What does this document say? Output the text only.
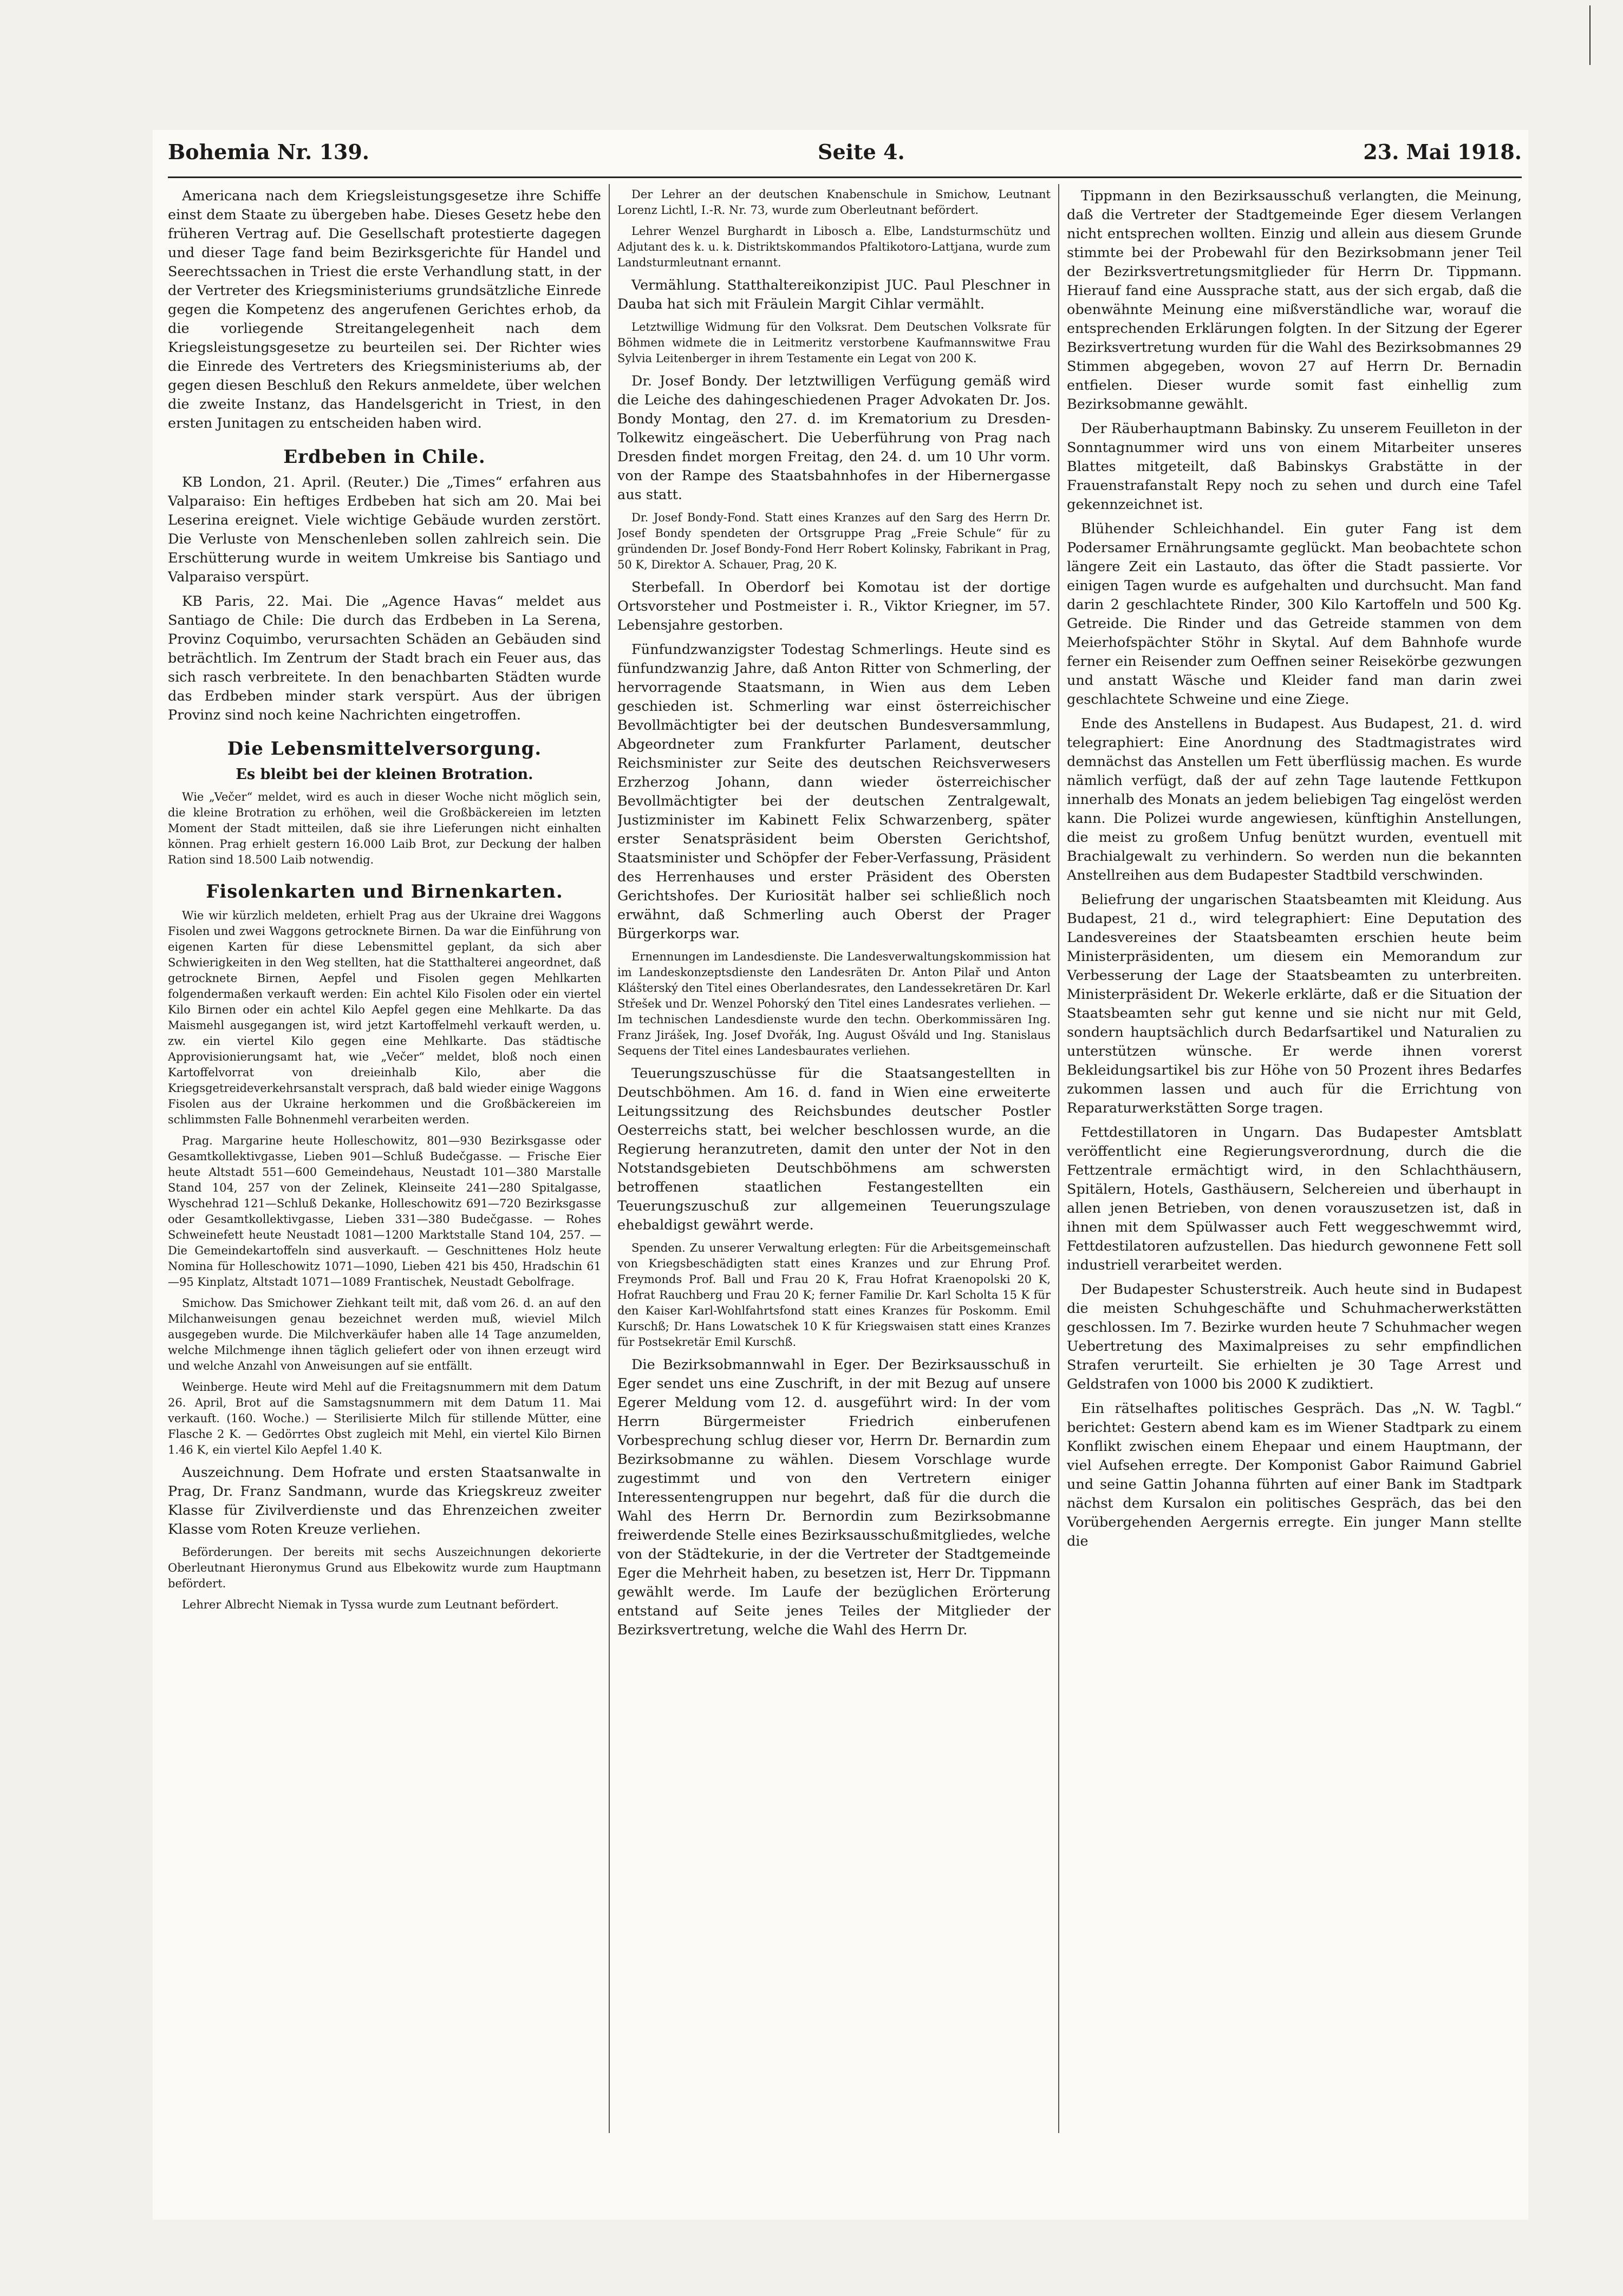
Bohemia Nr. 139.	Seite 4.	23. Mai 1918.

Americana nach dem Kriegsleistungsgesetze ihre Schiffe einst dem Staate zu übergeben habe. Dieses Gesetz hebe den früheren Vertrag auf. Die Gesellschaft protestierte dagegen und dieser Tage fand beim Bezirksgerichte für Handel und Seerechtssachen in Triest die erste Verhandlung statt, in der der Vertreter des Kriegsministeriums grundsätzliche Einrede gegen die Kompetenz des angerufenen Gerichtes erhob, da die vorliegende Streitangelegenheit nach dem Kriegsleistungsgesetze zu beurteilen sei. Der Richter wies die Einrede des Vertreters des Kriegsministeriums ab, der gegen diesen Beschluß den Rekurs anmeldete, über welchen die zweite Instanz, das Handelsgericht in Triest, in den ersten Junitagen zu entscheiden haben wird.

Erdbeben in Chile.

KB London, 21. April. (Reuter.) Die „Times“ erfahren aus Valparaiso: Ein heftiges Erdbeben hat sich am 20. Mai bei Leserina ereignet. Viele wichtige Gebäude wurden zerstört. Die Verluste von Menschenleben sollen zahlreich sein. Die Erschütterung wurde in weitem Umkreise bis Santiago und Valparaiso verspürt.

KB Paris, 22. Mai. Die „Agence Havas“ meldet aus Santiago de Chile: Die durch das Erdbeben in La Serena, Provinz Coquimbo, verursachten Schäden an Gebäuden sind beträchtlich. Im Zentrum der Stadt brach ein Feuer aus, das sich rasch verbreitete. In den benachbarten Städten wurde das Erdbeben minder stark verspürt. Aus der übrigen Provinz sind noch keine Nachrichten eingetroffen.

Die Lebensmittelversorgung.
Es bleibt bei der kleinen Brotration.

Wie „Večer“ meldet, wird es auch in dieser Woche nicht möglich sein, die kleine Brotration zu erhöhen, weil die Großbäckereien im letzten Moment der Stadt mitteilen, daß sie ihre Lieferungen nicht einhalten können. Prag erhielt gestern 16.000 Laib Brot, zur Deckung der halben Ration sind 18.500 Laib notwendig.

Fisolenkarten und Birnenkarten.

Wie wir kürzlich meldeten, erhielt Prag aus der Ukraine drei Waggons Fisolen und zwei Waggons getrocknete Birnen. Da war die Einführung von eigenen Karten für diese Lebensmittel geplant, da sich aber Schwierigkeiten in den Weg stellten, hat die Statthalterei angeordnet, daß getrocknete Birnen, Aepfel und Fisolen gegen Mehlkarten folgendermaßen verkauft werden: Ein achtel Kilo Fisolen oder ein viertel Kilo Birnen oder ein achtel Kilo Aepfel gegen eine Mehlkarte. Da das Maismehl ausgegangen ist, wird jetzt Kartoffelmehl verkauft werden, u. zw. ein viertel Kilo gegen eine Mehlkarte. Das städtische Approvisionierungsamt hat, wie „Večer“ meldet, bloß noch einen Kartoffelvorrat von dreieinhalb Kilo, aber die Kriegsgetreideverkehrsanstalt versprach, daß bald wieder einige Waggons Fisolen aus der Ukraine herkommen und die Großbäckereien im schlimmsten Falle Bohnenmehl verarbeiten werden.

Prag. Margarine heute Holleschowitz, 801—930 Bezirksgasse oder Gesamtkollektivgasse, Lieben 901—Schluß Budečgasse. — Frische Eier heute Altstadt 551—600 Gemeindehaus, Neustadt 101—380 Marstalle Stand 104, 257 von der Zelinek, Kleinseite 241—280 Spitalgasse, Wyschehrad 121—Schluß Dekanke, Holleschowitz 691—720 Bezirksgasse oder Gesamtkollektivgasse, Lieben 331—380 Budečgasse. — Rohes Schweinefett heute Neustadt 1081—1200 Marktstalle Stand 104, 257. — Die Gemeindekartoffeln sind ausverkauft. — Geschnittenes Holz heute Nomina für Holleschowitz 1071—1090, Lieben 421 bis 450, Hradschin 61—95 Kinplatz, Altstadt 1071—1089 Frantischek, Neustadt Gebolfrage.

Smichow. Das Smichower Ziehkant teilt mit, daß vom 26. d. an auf den Milchanweisungen genau bezeichnet werden muß, wieviel Milch ausgegeben wurde. Die Milchverkäufer haben alle 14 Tage anzumelden, welche Milchmenge ihnen täglich geliefert oder von ihnen erzeugt wird und welche Anzahl von Anweisungen auf sie entfällt.

Weinberge. Heute wird Mehl auf die Freitagsnummern mit dem Datum 26. April, Brot auf die Samstagsnummern mit dem Datum 11. Mai verkauft. (160. Woche.) — Sterilisierte Milch für stillende Mütter, eine Flasche 2 K. — Gedörrtes Obst zugleich mit Mehl, ein viertel Kilo Birnen 1.46 K, ein viertel Kilo Aepfel 1.40 K.

Auszeichnung. Dem Hofrate und ersten Staatsanwalte in Prag, Dr. Franz Sandmann, wurde das Kriegskreuz zweiter Klasse für Zivilverdienste und das Ehrenzeichen zweiter Klasse vom Roten Kreuze verliehen.

Beförderungen. Der bereits mit sechs Auszeichnungen dekorierte Oberleutnant Hieronymus Grund aus Elbekowitz wurde zum Hauptmann befördert.

Lehrer Albrecht Niemak in Tyssa wurde zum Leutnant befördert.

Der Lehrer an der deutschen Knabenschule in Smichow, Leutnant Lorenz Lichtl, I.-R. Nr. 73, wurde zum Oberleutnant befördert.

Lehrer Wenzel Burghardt in Libosch a. Elbe, Landsturmschütz und Adjutant des k. u. k. Distriktskommandos Pfaltikotoro-Lattjana, wurde zum Landsturmleutnant ernannt.

Vermählung. Statthaltereikonzipist JUC. Paul Pleschner in Dauba hat sich mit Fräulein Margit Cihlar vermählt.

Letztwillige Widmung für den Volksrat. Dem Deutschen Volksrate für Böhmen widmete die in Leitmeritz verstorbene Kaufmannswitwe Frau Sylvia Leitenberger in ihrem Testamente ein Legat von 200 K.

Dr. Josef Bondy. Der letztwilligen Verfügung gemäß wird die Leiche des dahingeschiedenen Prager Advokaten Dr. Jos. Bondy Montag, den 27. d. im Krematorium zu Dresden-Tolkewitz eingeäschert. Die Ueberführung von Prag nach Dresden findet morgen Freitag, den 24. d. um 10 Uhr vorm. von der Rampe des Staatsbahnhofes in der Hibernergasse aus statt.

Dr. Josef Bondy-Fond. Statt eines Kranzes auf den Sarg des Herrn Dr. Josef Bondy spendeten der Ortsgruppe Prag „Freie Schule“ für zu gründenden Dr. Josef Bondy-Fond Herr Robert Kolinsky, Fabrikant in Prag, 50 K, Direktor A. Schauer, Prag, 20 K.

Sterbefall. In Oberdorf bei Komotau ist der dortige Ortsvorsteher und Postmeister i. R., Viktor Kriegner, im 57. Lebensjahre gestorben.

Fünfundzwanzigster Todestag Schmerlings. Heute sind es fünfundzwanzig Jahre, daß Anton Ritter von Schmerling, der hervorragende Staatsmann, in Wien aus dem Leben geschieden ist. Schmerling war einst österreichischer Bevollmächtigter bei der deutschen Bundesversammlung, Abgeordneter zum Frankfurter Parlament, deutscher Reichsminister zur Seite des deutschen Reichsverwesers Erzherzog Johann, dann wieder österreichischer Bevollmächtigter bei der deutschen Zentralgewalt, Justizminister im Kabinett Felix Schwarzenberg, später erster Senatspräsident beim Obersten Gerichtshof, Staatsminister und Schöpfer der Feber-Verfassung, Präsident des Herrenhauses und erster Präsident des Obersten Gerichtshofes. Der Kuriosität halber sei schließlich noch erwähnt, daß Schmerling auch Oberst der Prager Bürgerkorps war.

Ernennungen im Landesdienste. Die Landesverwaltungskommission hat im Landeskonzeptsdienste den Landesräten Dr. Anton Pilař und Anton Klášterský den Titel eines Oberlandesrates, den Landessekretären Dr. Karl Střešek und Dr. Wenzel Pohorský den Titel eines Landesrates verliehen. — Im technischen Landesdienste wurde den techn. Oberkommissären Ing. Franz Jirášek, Ing. Josef Dvořák, Ing. August Ošváld und Ing. Stanislaus Sequens der Titel eines Landesbaurates verliehen.

Teuerungszuschüsse für die Staatsangestellten in Deutschböhmen. Am 16. d. fand in Wien eine erweiterte Leitungssitzung des Reichsbundes deutscher Postler Oesterreichs statt, bei welcher beschlossen wurde, an die Regierung heranzutreten, damit den unter der Not in den Notstandsgebieten Deutschböhmens am schwersten betroffenen staatlichen Festangestellten ein Teuerungszuschuß zur allgemeinen Teuerungszulage ehebaldigst gewährt werde.

Spenden. Zu unserer Verwaltung erlegten: Für die Arbeitsgemeinschaft von Kriegsbeschädigten statt eines Kranzes und zur Ehrung Prof. Freymonds Prof. Ball und Frau 20 K, Frau Hofrat Kraenopolski 20 K, Hofrat Rauchberg und Frau 20 K; ferner Familie Dr. Karl Scholta 15 K für den Kaiser Karl-Wohlfahrtsfond statt eines Kranzes für Poskomm. Emil Kurschß; Dr. Hans Lowatschek 10 K für Kriegswaisen statt eines Kranzes für Postsekretär Emil Kurschß.

Die Bezirksobmannwahl in Eger. Der Bezirksausschuß in Eger sendet uns eine Zuschrift, in der mit Bezug auf unsere Egerer Meldung vom 12. d. ausgeführt wird: In der vom Herrn Bürgermeister Friedrich einberufenen Vorbesprechung schlug dieser vor, Herrn Dr. Bernardin zum Bezirksobmanne zu wählen. Diesem Vorschlage wurde zugestimmt und von den Vertretern einiger Interessentengruppen nur begehrt, daß für die durch die Wahl des Herrn Dr. Bernordin zum Bezirksobmanne freiwerdende Stelle eines Bezirksausschußmitgliedes, welche von der Städtekurie, in der die Vertreter der Stadtgemeinde Eger die Mehrheit haben, zu besetzen ist, Herr Dr. Tippmann gewählt werde. Im Laufe der bezüglichen Erörterung entstand auf Seite jenes Teiles der Mitglieder der Bezirksvertretung, welche die Wahl des Herrn Dr.

Tippmann in den Bezirksausschuß verlangten, die Meinung, daß die Vertreter der Stadtgemeinde Eger diesem Verlangen nicht entsprechen wollten. Einzig und allein aus diesem Grunde stimmte bei der Probewahl für den Bezirksobmann jener Teil der Bezirksvertretungsmitglieder für Herrn Dr. Tippmann. Hierauf fand eine Aussprache statt, aus der sich ergab, daß die obenwähnte Meinung eine mißverständliche war, worauf die entsprechenden Erklärungen folgten. In der Sitzung der Egerer Bezirksvertretung wurden für die Wahl des Bezirksobmannes 29 Stimmen abgegeben, wovon 27 auf Herrn Dr. Bernadin entfielen. Dieser wurde somit fast einhellig zum Bezirksobmanne gewählt.

Der Räuberhauptmann Babinsky. Zu unserem Feuilleton in der Sonntagnummer wird uns von einem Mitarbeiter unseres Blattes mitgeteilt, daß Babinskys Grabstätte in der Frauenstrafanstalt Repy noch zu sehen und durch eine Tafel gekennzeichnet ist.

Blühender Schleichhandel. Ein guter Fang ist dem Podersamer Ernährungsamte geglückt. Man beobachtete schon längere Zeit ein Lastauto, das öfter die Stadt passierte. Vor einigen Tagen wurde es aufgehalten und durchsucht. Man fand darin 2 geschlachtete Rinder, 300 Kilo Kartoffeln und 500 Kg. Getreide. Die Rinder und das Getreide stammen von dem Meierhofspächter Stöhr in Skytal. Auf dem Bahnhofe wurde ferner ein Reisender zum Oeffnen seiner Reisekörbe gezwungen und anstatt Wäsche und Kleider fand man darin zwei geschlachtete Schweine und eine Ziege.

Ende des Anstellens in Budapest. Aus Budapest, 21. d. wird telegraphiert: Eine Anordnung des Stadtmagistrates wird demnächst das Anstellen um Fett überflüssig machen. Es wurde nämlich verfügt, daß der auf zehn Tage lautende Fettkupon innerhalb des Monats an jedem beliebigen Tag eingelöst werden kann. Die Polizei wurde angewiesen, künftighin Anstellungen, die meist zu großem Unfug benützt wurden, eventuell mit Brachialgewalt zu verhindern. So werden nun die bekannten Anstellreihen aus dem Budapester Stadtbild verschwinden.

Beliefrung der ungarischen Staatsbeamten mit Kleidung. Aus Budapest, 21 d., wird telegraphiert: Eine Deputation des Landesvereines der Staatsbeamten erschien heute beim Ministerpräsidenten, um diesem ein Memorandum zur Verbesserung der Lage der Staatsbeamten zu unterbreiten. Ministerpräsident Dr. Wekerle erklärte, daß er die Situation der Staatsbeamten sehr gut kenne und sie nicht nur mit Geld, sondern hauptsächlich durch Bedarfsartikel und Naturalien zu unterstützen wünsche. Er werde ihnen vorerst Bekleidungsartikel bis zur Höhe von 50 Prozent ihres Bedarfes zukommen lassen und auch für die Errichtung von Reparaturwerkstätten Sorge tragen.

Fettdestillatoren in Ungarn. Das Budapester Amtsblatt veröffentlicht eine Regierungsverordnung, durch die die Fettzentrale ermächtigt wird, in den Schlachthäusern, Spitälern, Hotels, Gasthäusern, Selchereien und überhaupt in allen jenen Betrieben, von denen vorauszusetzen ist, daß in ihnen mit dem Spülwasser auch Fett weggeschwemmt wird, Fettdestilatoren aufzustellen. Das hiedurch gewonnene Fett soll industriell verarbeitet werden.

Der Budapester Schusterstreik. Auch heute sind in Budapest die meisten Schuhgeschäfte und Schuhmacherwerkstätten geschlossen. Im 7. Bezirke wurden heute 7 Schuhmacher wegen Uebertretung des Maximalpreises zu sehr empfindlichen Strafen verurteilt. Sie erhielten je 30 Tage Arrest und Geldstrafen von 1000 bis 2000 K zudiktiert.

Ein rätselhaftes politisches Gespräch. Das „N. W. Tagbl.“ berichtet: Gestern abend kam es im Wiener Stadtpark zu einem Konflikt zwischen einem Ehepaar und einem Hauptmann, der viel Aufsehen erregte. Der Komponist Gabor Raimund Gabriel und seine Gattin Johanna führten auf einer Bank im Stadtpark nächst dem Kursalon ein politisches Gespräch, das bei den Vorübergehenden Aergernis erregte. Ein junger Mann stellte die
